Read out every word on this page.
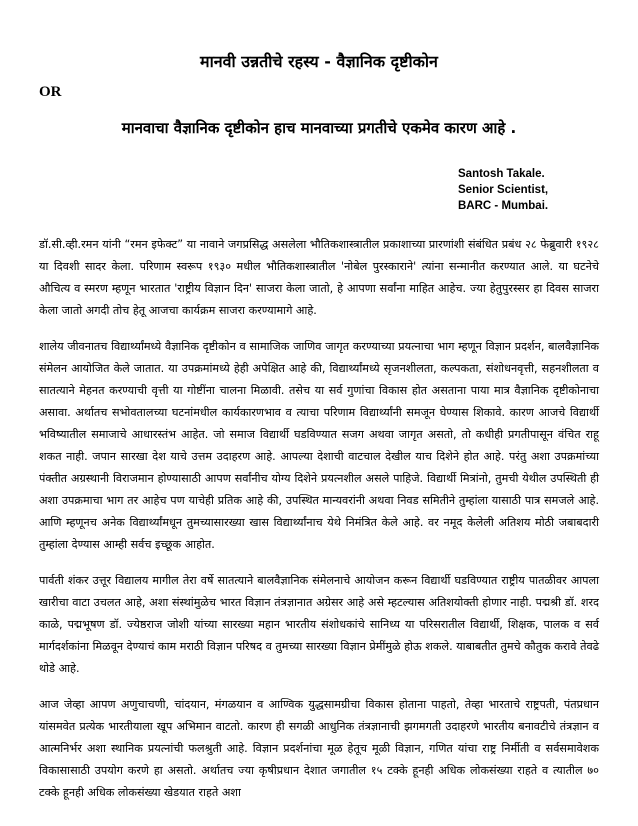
मानवी उन्नतीचे रहस्य - वैज्ञानिक दृष्टीकोन
OR
मानवाचा वैज्ञानिक दृष्टीकोन हाच मानवाच्या प्रगतीचे एकमेव कारण आहे .
Santosh Takale.
Senior Scientist,
BARC - Mumbai.

डॉ.सी.व्ही.रमन यांनी “रमन इफेक्ट” या नावाने जगप्रसिद्ध असलेला भौतिकशास्त्रातील प्रकाशाच्या प्रारणांशी संबंधित प्रबंध २८ फेब्रुवारी १९२८ या दिवशी सादर केला. परिणाम स्वरूप १९३० मधील भौतिकशास्त्रातील 'नोबेल पुरस्काराने' त्यांना सन्मानीत करण्यात आले. या घटनेचे औचित्य व स्मरण म्हणून भारतात 'राष्ट्रीय विज्ञान दिन' साजरा केला जातो, हे आपणा सर्वांना माहित आहेच. ज्या हेतुपुरस्सर हा दिवस साजरा केला जातो अगदी तोच हेतू आजचा कार्यक्रम साजरा करण्यामागे आहे.

शालेय जीवनातच विद्यार्थ्यांमध्ये वैज्ञानिक दृष्टीकोन व सामाजिक जाणिव जागृत करण्याच्या प्रयत्नाचा भाग म्हणून विज्ञान प्रदर्शन, बालवैज्ञानिक संमेलन आयोजित केले जातात. या उपक्रमांमध्ये हेही अपेक्षित आहे की, विद्यार्थ्यांमध्ये सृजनशीलता, कल्पकता, संशोधनवृत्ती, सहनशीलता व सातत्याने मेहनत करण्याची वृत्ती या गोष्टींना चालना मिळावी. तसेच या सर्व गुणांचा विकास होत असताना पाया मात्र वैज्ञानिक दृष्टीकोनाचा असावा. अर्थातच सभोवतालच्या घटनांमधील कार्यकारणभाव व त्याचा परिणाम विद्यार्थ्यांनी समजून घेण्यास शिकावे. कारण आजचे विद्यार्थी भविष्यातील समाजाचे आधारस्तंभ आहेत. जो समाज विद्यार्थी घडविण्यात सजग अथवा जागृत असतो, तो कधीही प्रगतीपासून वंचित राहू शकत नाही. जपान सारखा देश याचे उत्तम उदाहरण आहे. आपल्या देशाची वाटचाल देखील याच दिशेने होत आहे. परंतु अशा उपक्रमांच्या पंक्तीत अग्रस्थानी विराजमान होण्यासाठी आपण सर्वांनीच योग्य दिशेने प्रयत्नशील असले पाहिजे. विद्यार्थी मित्रांनो, तुमची येथील उपस्थिती ही अशा उपक्रमाचा भाग तर आहेच पण याचेही प्रतिक आहे की, उपस्थित मान्यवरांनी अथवा निवड समितीने तुम्हांला यासाठी पात्र समजले आहे. आणि म्हणूनच अनेक विद्यार्थ्यांमधून तुमच्यासारख्या खास विद्यार्थ्यांनाच येथे निमंत्रित केले आहे. वर नमूद केलेली अतिशय मोठी जबाबदारी तुम्हांला देण्यास आम्ही सर्वच इच्छूक आहोत.

पार्वती शंकर उत्तूर विद्यालय मागील तेरा वर्षे सातत्याने बालवैज्ञानिक संमेलनाचे आयोजन करून विद्यार्थी घडविण्यात राष्ट्रीय पातळीवर आपला खारीचा वाटा उचलत आहे, अशा संस्थांमुळेच भारत विज्ञान तंत्रज्ञानात अग्रेसर आहे असे म्हटल्यास अतिशयोक्ती होणार नाही. पद्मश्री डॉ. शरद काळे, पद्मभूषण डॉ. ज्येष्ठराज जोशी यांच्या सारख्या महान भारतीय संशोधकांचे सानिध्य या परिसरातील विद्यार्थी, शिक्षक, पालक व सर्व मार्गदर्शकांना मिळवून देण्याचं काम मराठी विज्ञान परिषद व तुमच्या सारख्या विज्ञान प्रेमींमुळे होऊ शकले. याबाबतीत तुमचे कौतुक करावे तेवढे थोडे आहे.

आज जेव्हा आपण अणुचाचणी, चांदयान, मंगळयान व आण्विक युद्धसामग्रीचा विकास होताना पाहतो, तेव्हा भारताचे राष्ट्रपती, पंतप्रधान यांसमवेत प्रत्येक भारतीयाला खूप अभिमान वाटतो. कारण ही सगळी आधुनिक तंत्रज्ञानाची झगमगती उदाहरणे भारतीय बनावटीचे तंत्रज्ञान व आत्मनिर्भर अशा स्थानिक प्रयत्नांची फलश्रुती आहे. विज्ञान प्रदर्शनांचा मूळ हेतूच मूळी विज्ञान, गणित यांचा राष्ट्र निर्मीती व सर्वसमावेशक विकासासाठी उपयोग करणे हा असतो. अर्थातच ज्या कृषीप्रधान देशात जगातील १५ टक्के हूनही अधिक लोकसंख्या राहते व त्यातील ७० टक्के हूनही अधिक लोकसंख्या खेडयात राहते अशा
